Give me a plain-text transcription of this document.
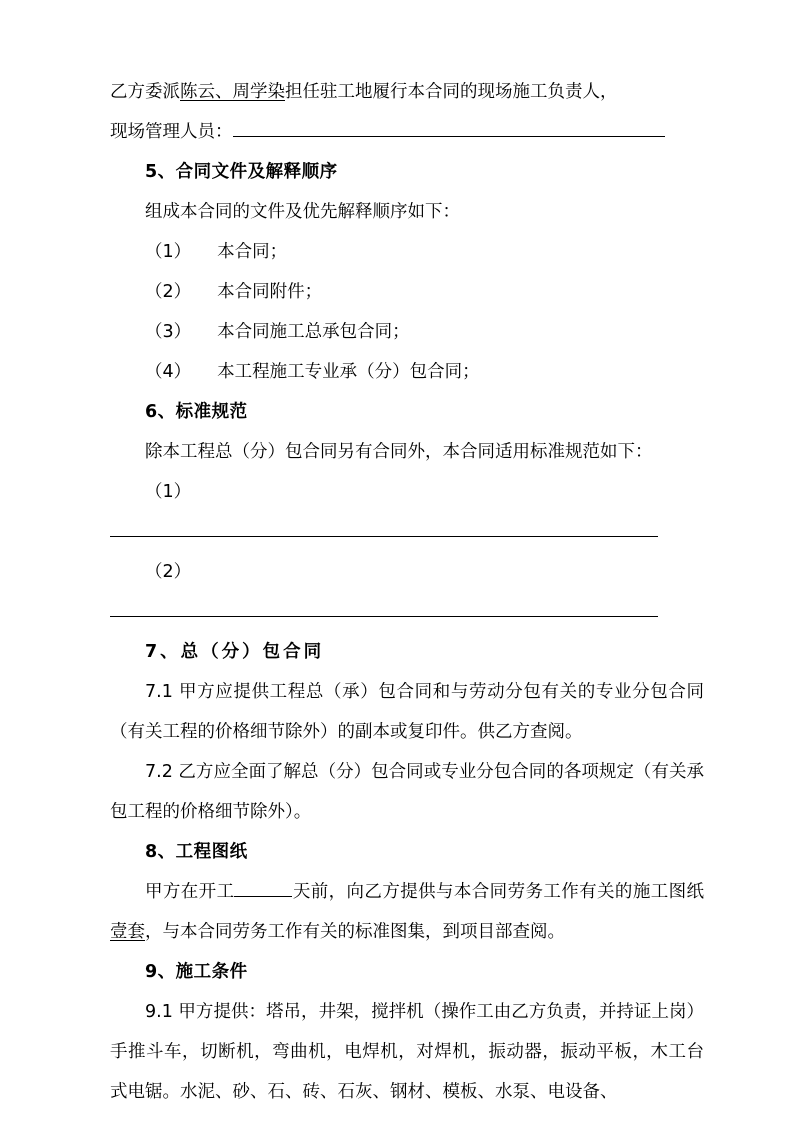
乙方委派陈云、周学染担任驻工地履行本合同的现场施工负责人，

现场管理人员：

5、合同文件及解释顺序

组成本合同的文件及优先解释顺序如下：

（1） 本合同；

（2） 本合同附件；

（3） 本合同施工总承包合同；

（4） 本工程施工专业承（分）包合同；

6、标准规范

除本工程总（分）包合同另有合同外，本合同适用标准规范如下：

（1）

（2）

7、总（分）包合同

7.1 甲方应提供工程总（承）包合同和与劳动分包有关的专业分包合同（有关工程的价格细节除外）的副本或复印件。供乙方查阅。

7.2 乙方应全面了解总（分）包合同或专业分包合同的各项规定（有关承包工程的价格细节除外）。

8、工程图纸

甲方在开工	天前，向乙方提供与本合同劳务工作有关的施工图纸壹套，与本合同劳务工作有关的标准图集，到项目部查阅。

9、施工条件

9.1 甲方提供：塔吊，井架，搅拌机（操作工由乙方负责，并持证上岗）手推斗车，切断机，弯曲机，电焊机，对焊机，振动器，振动平板，木工台式电锯。水泥、砂、石、砖、石灰、钢材、模板、水泵、电设备、
